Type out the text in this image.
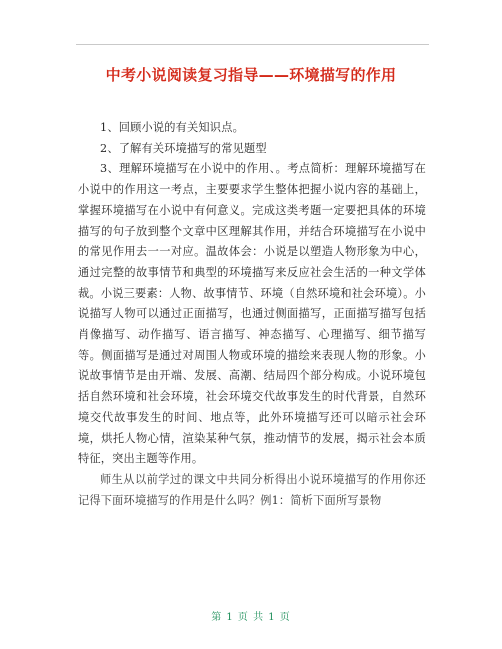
中考小说阅读复习指导——环境描写的作用

1、回顾小说的有关知识点。

2、了解有关环境描写的常见题型

3、理解环境描写在小说中的作用、。考点简析：理解环境描写在小说中的作用这一考点，主要要求学生整体把握小说内容的基础上，掌握环境描写在小说中有何意义。完成这类考题一定要把具体的环境描写的句子放到整个文章中区理解其作用，并结合环境描写在小说中的常见作用去一一对应。温故体会：小说是以塑造人物形象为中心，通过完整的故事情节和典型的环境描写来反应社会生活的一种文学体裁。小说三要素：人物、故事情节、环境（自然环境和社会环境）。小说描写人物可以通过正面描写，也通过侧面描写，正面描写描写包括肖像描写、动作描写、语言描写、神态描写、心理描写、细节描写等。侧面描写是通过对周围人物或环境的描绘来表现人物的形象。小说故事情节是由开端、发展、高潮、结局四个部分构成。小说环境包括自然环境和社会环境，社会环境交代故事发生的时代背景，自然环境交代故事发生的时间、地点等，此外环境描写还可以暗示社会环境，烘托人物心情，渲染某种气氛，推动情节的发展，揭示社会本质特征，突出主题等作用。

师生从以前学过的课文中共同分析得出小说环境描写的作用你还记得下面环境描写的作用是什么吗？例1：简析下面所写景物

第 1 页 共 1 页
